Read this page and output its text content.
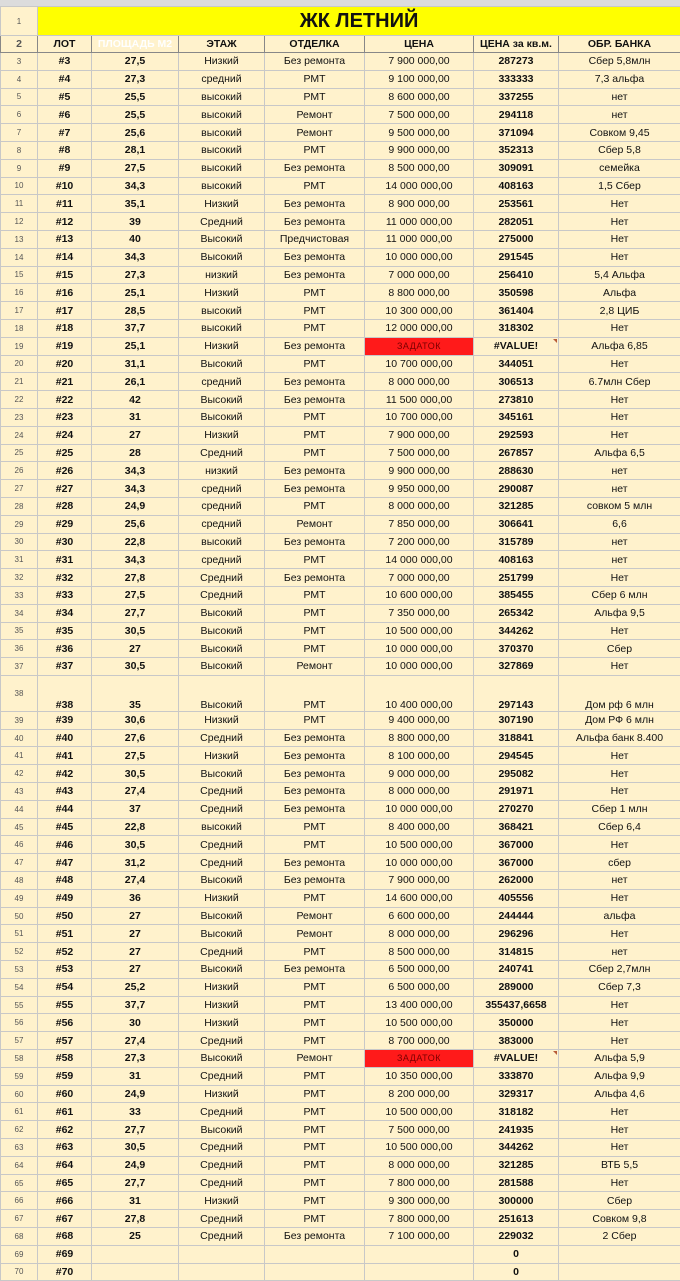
1	ЖК ЛЕТНИЙ						
2	ЛОТ	ПЛОЩАДЬ М2	ЭТАЖ	ОТДЕЛКА	ЦЕНА	ЦЕНА за кв.м.	ОБР. БАНКА
3	#3	27,5	Низкий	Без ремонта	7 900 000,00	287273	Сбер 5,8млн
4	#4	27,3	средний	РМТ	9 100 000,00	333333	7,3 альфа
5	#5	25,5	высокий	РМТ	8 600 000,00	337255	нет
6	#6	25,5	высокий	Ремонт	7 500 000,00	294118	нет
7	#7	25,6	высокий	Ремонт	9 500 000,00	371094	Совком 9,45
8	#8	28,1	высокий	РМТ	9 900 000,00	352313	Сбер 5,8
9	#9	27,5	высокий	Без ремонта	8 500 000,00	309091	семейка
10	#10	34,3	высокий	РМТ	14 000 000,00	408163	1,5 Сбер
11	#11	35,1	Низкий	Без ремонта	8 900 000,00	253561	Нет
12	#12	39	Средний	Без ремонта	11 000 000,00	282051	Нет
13	#13	40	Высокий	Предчистовая	11 000 000,00	275000	Нет
14	#14	34,3	Высокий	Без ремонта	10 000 000,00	291545	Нет
15	#15	27,3	низкий	Без ремонта	7 000 000,00	256410	5,4 Альфа
16	#16	25,1	Низкий	РМТ	8 800 000,00	350598	Альфа
17	#17	28,5	высокий	РМТ	10 300 000,00	361404	2,8 ЦИБ
18	#18	37,7	высокий	РМТ	12 000 000,00	318302	Нет
19	#19	25,1	Низкий	Без ремонта	ЗАДАТОК	#VALUE!	Альфа 6,85
20	#20	31,1	Высокий	РМТ	10 700 000,00	344051	Нет
21	#21	26,1	средний	Без ремонта	8 000 000,00	306513	6.7млн Сбер
22	#22	42	Высокий	Без ремонта	11 500 000,00	273810	Нет
23	#23	31	Высокий	РМТ	10 700 000,00	345161	Нет
24	#24	27	Низкий	РМТ	7 900 000,00	292593	Нет
25	#25	28	Средний	РМТ	7 500 000,00	267857	Альфа 6,5
26	#26	34,3	низкий	Без ремонта	9 900 000,00	288630	нет
27	#27	34,3	средний	Без ремонта	9 950 000,00	290087	нет
28	#28	24,9	средний	РМТ	8 000 000,00	321285	совком 5 млн
29	#29	25,6	средний	Ремонт	7 850 000,00	306641	6,6
30	#30	22,8	высокий	Без ремонта	7 200 000,00	315789	нет
31	#31	34,3	средний	РМТ	14 000 000,00	408163	нет
32	#32	27,8	Средний	Без ремонта	7 000 000,00	251799	Нет
33	#33	27,5	Средний	РМТ	10 600 000,00	385455	Сбер 6 млн
34	#34	27,7	Высокий	РМТ	7 350 000,00	265342	Альфа 9,5
35	#35	30,5	Высокий	РМТ	10 500 000,00	344262	Нет
36	#36	27	Высокий	РМТ	10 000 000,00	370370	Сбер
37	#37	30,5	Высокий	Ремонт	10 000 000,00	327869	Нет
38	#38	35	Высокий	РМТ	10 400 000,00	297143	Дом рф 6 млн
39	#39	30,6	Низкий	РМТ	9 400 000,00	307190	Дом РФ 6 млн
40	#40	27,6	Средний	Без ремонта	8 800 000,00	318841	Альфа банк 8.400
41	#41	27,5	Низкий	Без ремонта	8 100 000,00	294545	Нет
42	#42	30,5	Высокий	Без ремонта	9 000 000,00	295082	Нет
43	#43	27,4	Средний	Без ремонта	8 000 000,00	291971	Нет
44	#44	37	Средний	Без ремонта	10 000 000,00	270270	Сбер 1 млн
45	#45	22,8	высокий	РМТ	8 400 000,00	368421	Сбер 6,4
46	#46	30,5	Средний	РМТ	10 500 000,00	367000	Нет
47	#47	31,2	Средний	Без ремонта	10 000 000,00	367000	сбер
48	#48	27,4	Высокий	Без ремонта	7 900 000,00	262000	нет
49	#49	36	Низкий	РМТ	14 600 000,00	405556	Нет
50	#50	27	Высокий	Ремонт	6 600 000,00	244444	альфа
51	#51	27	Высокий	Ремонт	8 000 000,00	296296	Нет
52	#52	27	Средний	РМТ	8 500 000,00	314815	нет
53	#53	27	Высокий	Без ремонта	6 500 000,00	240741	Сбер 2,7млн
54	#54	25,2	Низкий	РМТ	6 500 000,00	289000	Сбер 7,3
55	#55	37,7	Низкий	РМТ	13 400 000,00	355437,6658	Нет
56	#56	30	Низкий	РМТ	10 500 000,00	350000	Нет
57	#57	27,4	Средний	РМТ	8 700 000,00	383000	Нет
58	#58	27,3	Высокий	Ремонт	ЗАДАТОК	#VALUE!	Альфа 5,9
59	#59	31	Средний	РМТ	10 350 000,00	333870	Альфа 9,9
60	#60	24,9	Низкий	РМТ	8 200 000,00	329317	Альфа 4,6
61	#61	33	Средний	РМТ	10 500 000,00	318182	Нет
62	#62	27,7	Высокий	РМТ	7 500 000,00	241935	Нет
63	#63	30,5	Средний	РМТ	10 500 000,00	344262	Нет
64	#64	24,9	Средний	РМТ	8 000 000,00	321285	ВТБ 5,5
65	#65	27,7	Средний	РМТ	7 800 000,00	281588	Нет
66	#66	31	Низкий	РМТ	9 300 000,00	300000	Сбер
67	#67	27,8	Средний	РМТ	7 800 000,00	251613	Совком 9,8
68	#68	25	Средний	Без ремонта	7 100 000,00	229032	2 Сбер
69	#69					0	
70	#70					0	
